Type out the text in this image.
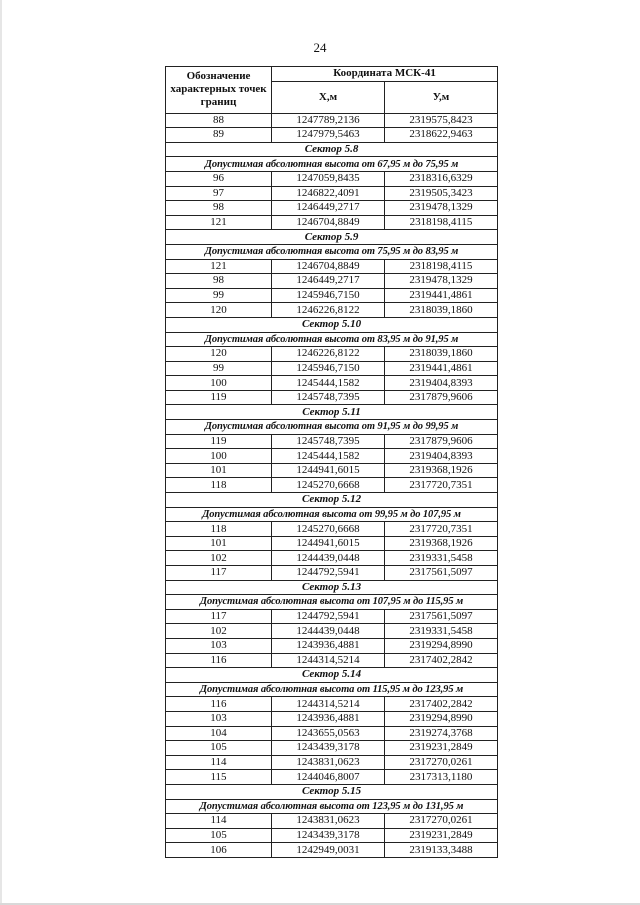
24
Обозначение характерных точек границ	Координата МСК-41	
	X,м	У,м
88	1247789,2136	2319575,8423
89	1247979,5463	2318622,9463
Сектор 5.8		
Допустимая абсолютная высота от 67,95 м до 75,95 м		
96	1247059,8435	2318316,6329
97	1246822,4091	2319505,3423
98	1246449,2717	2319478,1329
121	1246704,8849	2318198,4115
Сектор 5.9		
Допустимая абсолютная высота от 75,95 м до 83,95 м		
121	1246704,8849	2318198,4115
98	1246449,2717	2319478,1329
99	1245946,7150	2319441,4861
120	1246226,8122	2318039,1860
Сектор 5.10		
Допустимая абсолютная высота от 83,95 м до 91,95 м		
120	1246226,8122	2318039,1860
99	1245946,7150	2319441,4861
100	1245444,1582	2319404,8393
119	1245748,7395	2317879,9606
Сектор 5.11		
Допустимая абсолютная высота от 91,95 м до 99,95 м		
119	1245748,7395	2317879,9606
100	1245444,1582	2319404,8393
101	1244941,6015	2319368,1926
118	1245270,6668	2317720,7351
Сектор 5.12		
Допустимая абсолютная высота от 99,95 м до 107,95 м		
118	1245270,6668	2317720,7351
101	1244941,6015	2319368,1926
102	1244439,0448	2319331,5458
117	1244792,5941	2317561,5097
Сектор 5.13		
Допустимая абсолютная высота от 107,95 м до 115,95 м		
117	1244792,5941	2317561,5097
102	1244439,0448	2319331,5458
103	1243936,4881	2319294,8990
116	1244314,5214	2317402,2842
Сектор 5.14		
Допустимая абсолютная высота от 115,95 м до 123,95 м		
116	1244314,5214	2317402,2842
103	1243936,4881	2319294,8990
104	1243655,0563	2319274,3768
105	1243439,3178	2319231,2849
114	1243831,0623	2317270,0261
115	1244046,8007	2317313,1180
Сектор 5.15		
Допустимая абсолютная высота от 123,95 м до 131,95 м		
114	1243831,0623	2317270,0261
105	1243439,3178	2319231,2849
106	1242949,0031	2319133,3488
